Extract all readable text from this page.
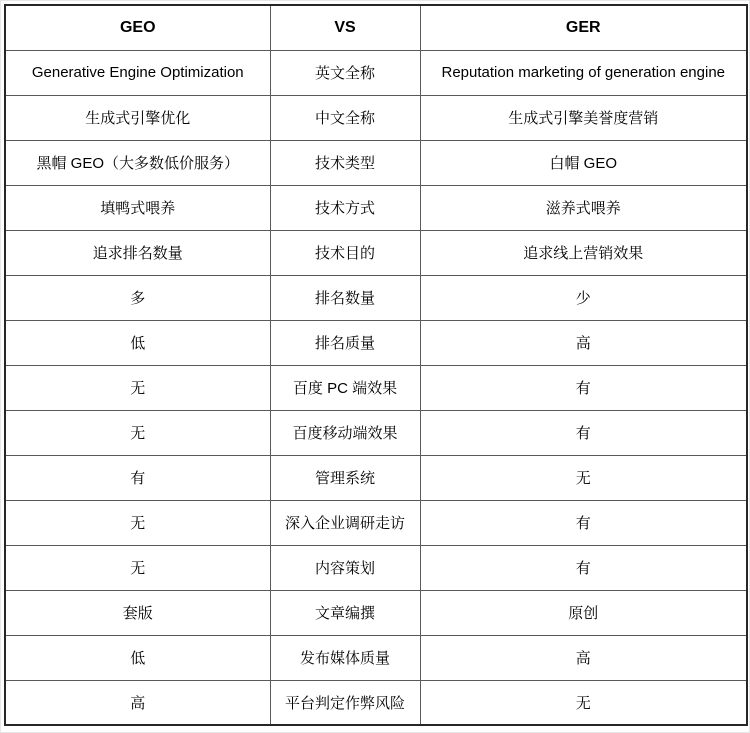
GEO	VS	GER
Generative Engine Optimization	英文全称	Reputation marketing of generation engine
生成式引擎优化	中文全称	生成式引擎美誉度营销
黑帽 GEO（大多数低价服务）	技术类型	白帽 GEO
填鸭式喂养	技术方式	滋养式喂养
追求排名数量	技术目的	追求线上营销效果
多	排名数量	少
低	排名质量	高
无	百度 PC 端效果	有
无	百度移动端效果	有
有	管理系统	无
无	深入企业调研走访	有
无	内容策划	有
套版	文章编撰	原创
低	发布媒体质量	高
高	平台判定作弊风险	无
